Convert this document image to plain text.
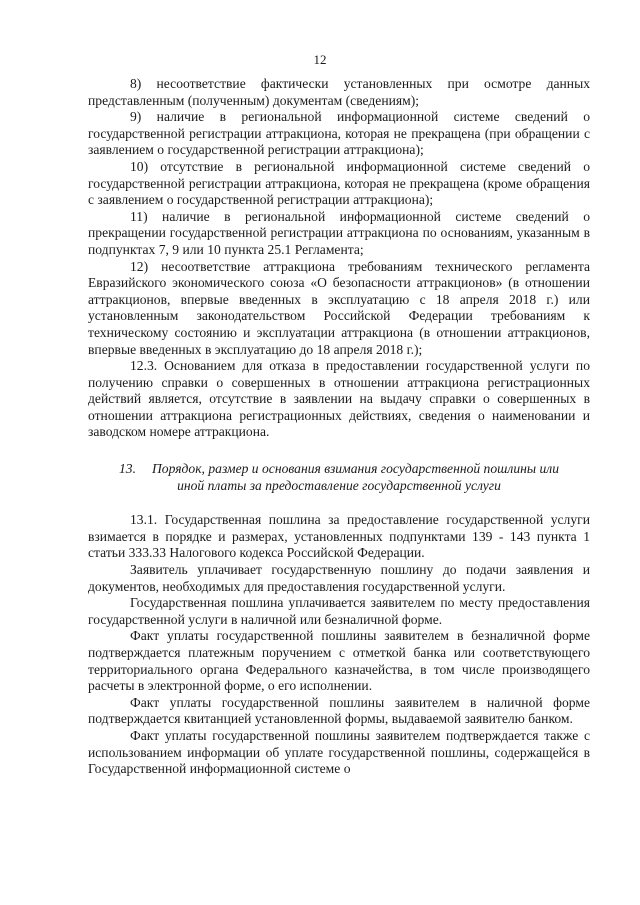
12

8) несоответствие фактически установленных при осмотре данных представленным (полученным) документам (сведениям);

9) наличие в региональной информационной системе сведений о государственной регистрации аттракциона, которая не прекращена (при обращении с заявлением о государственной регистрации аттракциона);

10) отсутствие в региональной информационной системе сведений о государственной регистрации аттракциона, которая не прекращена (кроме обращения с заявлением о государственной регистрации аттракциона);

11) наличие в региональной информационной системе сведений о прекращении государственной регистрации аттракциона по основаниям, указанным в подпунктах 7, 9 или 10 пункта 25.1 Регламента;

12) несоответствие аттракциона требованиям технического регламента Евразийского экономического союза «О безопасности аттракционов» (в отношении аттракционов, впервые введенных в эксплуатацию с 18 апреля 2018 г.) или установленным законодательством Российской Федерации требованиям к техническому состоянию и эксплуатации аттракциона (в отношении аттракционов, впервые введенных в эксплуатацию до 18 апреля 2018 г.);

12.3. Основанием для отказа в предоставлении государственной услуги по получению справки о совершенных в отношении аттракциона регистрационных действий является, отсутствие в заявлении на выдачу справки о совершенных в отношении аттракциона регистрационных действиях, сведения о наименовании и заводском номере аттракциона.

13. Порядок, размер и основания взимания государственной пошлины или иной платы за предоставление государственной услуги

13.1. Государственная пошлина за предоставление государственной услуги взимается в порядке и размерах, установленных подпунктами 139 - 143 пункта 1 статьи 333.33 Налогового кодекса Российской Федерации.

Заявитель уплачивает государственную пошлину до подачи заявления и документов, необходимых для предоставления государственной услуги.

Государственная пошлина уплачивается заявителем по месту предоставления государственной услуги в наличной или безналичной форме.

Факт уплаты государственной пошлины заявителем в безналичной форме подтверждается платежным поручением с отметкой банка или соответствующего территориального органа Федерального казначейства, в том числе производящего расчеты в электронной форме, о его исполнении.

Факт уплаты государственной пошлины заявителем в наличной форме подтверждается квитанцией установленной формы, выдаваемой заявителю банком.

Факт уплаты государственной пошлины заявителем подтверждается также с использованием информации об уплате государственной пошлины, содержащейся в Государственной информационной системе о
